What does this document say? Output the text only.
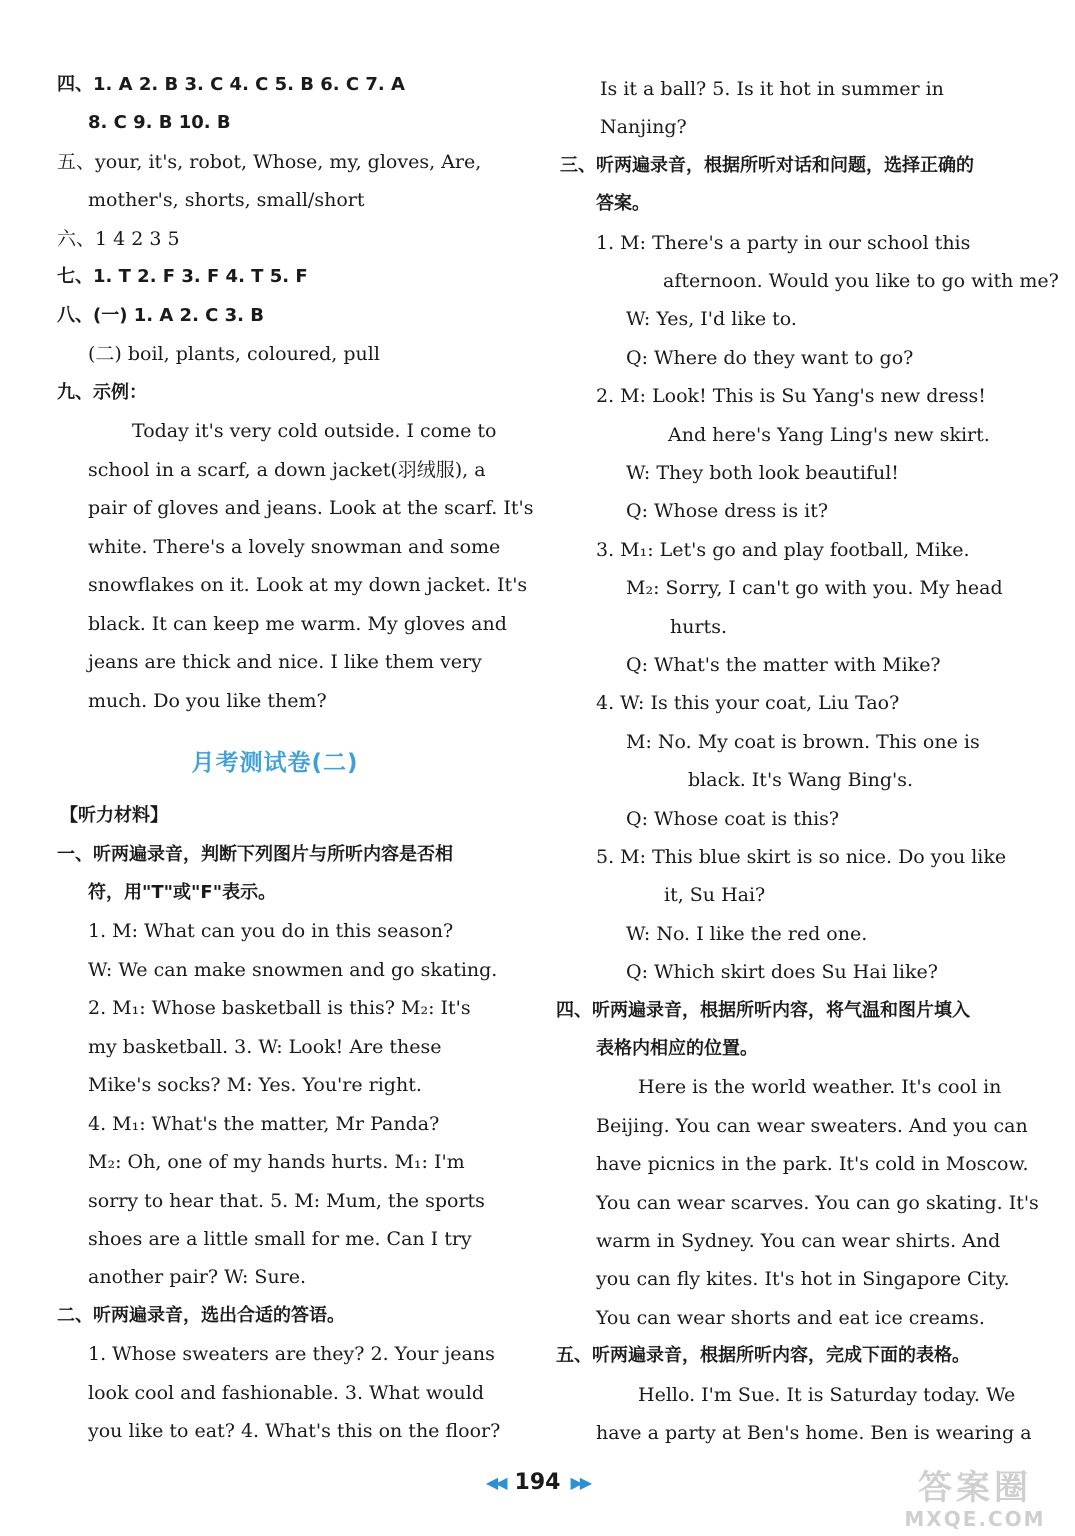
四、1. A 2. B 3. C 4. C 5. B 6. C 7. A
8. C 9. B 10. B
五、your, it's, robot, Whose, my, gloves, Are,
mother's, shorts, small/short
六、1 4 2 3 5
七、1. T 2. F 3. F 4. T 5. F
八、(一) 1. A 2. C 3. B
(二) boil, plants, coloured, pull
九、示例：
Today it's very cold outside. I come to
school in a scarf, a down jacket(羽绒服), a
pair of gloves and jeans. Look at the scarf. It's
white. There's a lovely snowman and some
snowflakes on it. Look at my down jacket. It's
black. It can keep me warm. My gloves and
jeans are thick and nice. I like them very
much. Do you like them?
月考测试卷(二)
【听力材料】
一、听两遍录音，判断下列图片与所听内容是否相
符，用"T"或"F"表示。
1. M: What can you do in this season?
W: We can make snowmen and go skating.
2. M₁: Whose basketball is this? M₂: It's
my basketball. 3. W: Look! Are these
Mike's socks? M: Yes. You're right.
4. M₁: What's the matter, Mr Panda?
M₂: Oh, one of my hands hurts. M₁: I'm
sorry to hear that. 5. M: Mum, the sports
shoes are a little small for me. Can I try
another pair? W: Sure.
二、听两遍录音，选出合适的答语。
1. Whose sweaters are they? 2. Your jeans
look cool and fashionable. 3. What would
you like to eat? 4. What's this on the floor?
Is it a ball? 5. Is it hot in summer in
Nanjing?
三、听两遍录音，根据所听对话和问题，选择正确的
答案。
1. M: There's a party in our school this
afternoon. Would you like to go with me?
W: Yes, I'd like to.
Q: Where do they want to go?
2. M: Look! This is Su Yang's new dress!
And here's Yang Ling's new skirt.
W: They both look beautiful!
Q: Whose dress is it?
3. M₁: Let's go and play football, Mike.
M₂: Sorry, I can't go with you. My head
hurts.
Q: What's the matter with Mike?
4. W: Is this your coat, Liu Tao?
M: No. My coat is brown. This one is
black. It's Wang Bing's.
Q: Whose coat is this?
5. M: This blue skirt is so nice. Do you like
it, Su Hai?
W: No. I like the red one.
Q: Which skirt does Su Hai like?
四、听两遍录音，根据所听内容，将气温和图片填入
表格内相应的位置。
Here is the world weather. It's cool in
Beijing. You can wear sweaters. And you can
have picnics in the park. It's cold in Moscow.
You can wear scarves. You can go skating. It's
warm in Sydney. You can wear shirts. And
you can fly kites. It's hot in Singapore City.
You can wear shorts and eat ice creams.
五、听两遍录音，根据所听内容，完成下面的表格。
Hello. I'm Sue. It is Saturday today. We
have a party at Ben's home. Ben is wearing a
◀◀ 194 ▶▶	答案圈
MXQE.COM
